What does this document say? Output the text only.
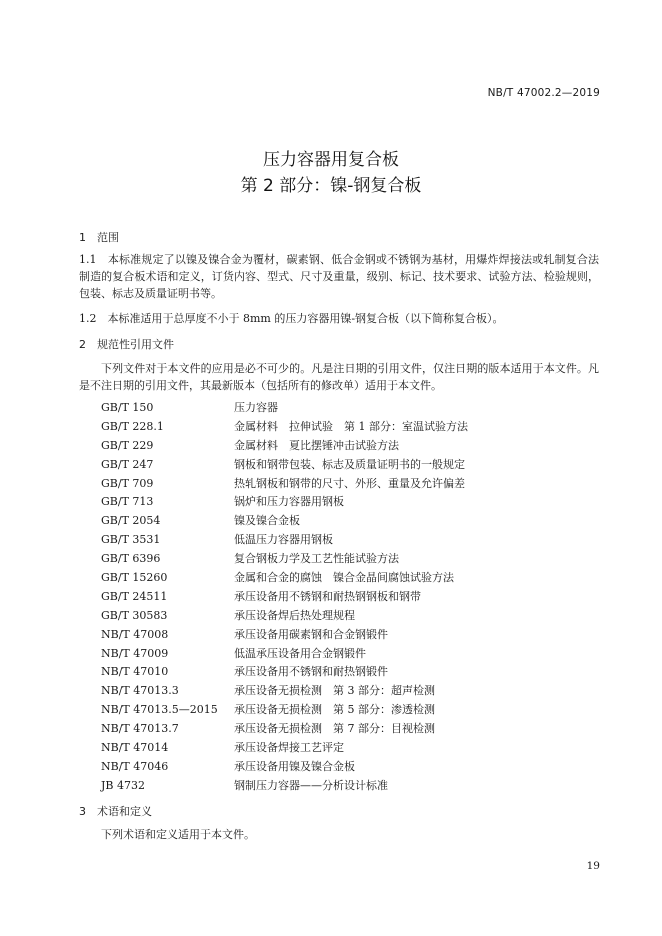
NB/T 47002.2—2019
压力容器用复合板
第 2 部分：镍-钢复合板
1 范围
1.1　本标准规定了以镍及镍合金为覆材，碳素钢、低合金钢或不锈钢为基材，用爆炸焊接法或轧制复合法制造的复合板术语和定义，订货内容、型式、尺寸及重量，级别、标记、技术要求、试验方法、检验规则，包装、标志及质量证明书等。
1.2　本标准适用于总厚度不小于 8mm 的压力容器用镍-钢复合板（以下简称复合板）。
2 规范性引用文件
下列文件对于本文件的应用是必不可少的。凡是注日期的引用文件，仅注日期的版本适用于本文件。凡是不注日期的引用文件，其最新版本（包括所有的修改单）适用于本文件。
GB/T 150	压力容器
GB/T 228.1	金属材料　拉伸试验　第 1 部分：室温试验方法
GB/T 229	金属材料　夏比摆锤冲击试验方法
GB/T 247	钢板和钢带包装、标志及质量证明书的一般规定
GB/T 709	热轧钢板和钢带的尺寸、外形、重量及允许偏差
GB/T 713	锅炉和压力容器用钢板
GB/T 2054	镍及镍合金板
GB/T 3531	低温压力容器用钢板
GB/T 6396	复合钢板力学及工艺性能试验方法
GB/T 15260	金属和合金的腐蚀　镍合金晶间腐蚀试验方法
GB/T 24511	承压设备用不锈钢和耐热钢钢板和钢带
GB/T 30583	承压设备焊后热处理规程
NB/T 47008	承压设备用碳素钢和合金钢锻件
NB/T 47009	低温承压设备用合金钢锻件
NB/T 47010	承压设备用不锈钢和耐热钢锻件
NB/T 47013.3	承压设备无损检测　第 3 部分：超声检测
NB/T 47013.5—2015	承压设备无损检测　第 5 部分：渗透检测
NB/T 47013.7	承压设备无损检测　第 7 部分：目视检测
NB/T 47014	承压设备焊接工艺评定
NB/T 47046	承压设备用镍及镍合金板
JB 4732	钢制压力容器——分析设计标准
3 术语和定义
下列术语和定义适用于本文件。
19
